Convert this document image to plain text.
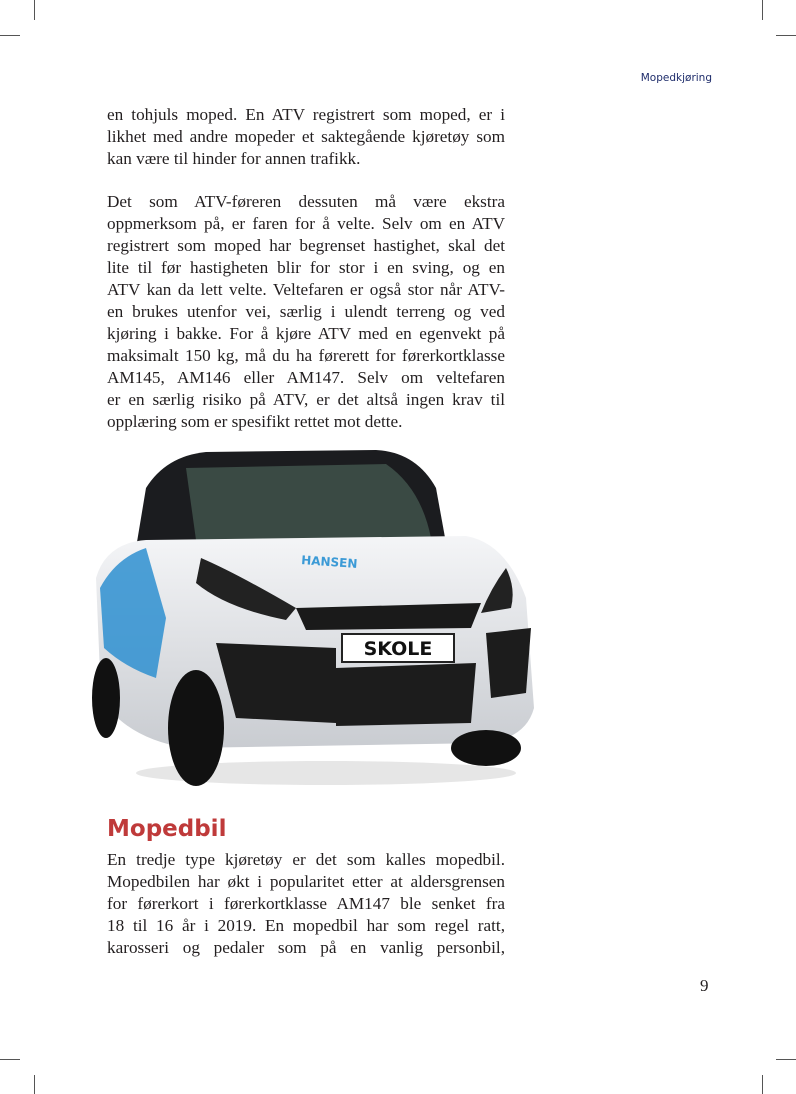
Mopedkjøring
en tohjuls moped. En ATV registrert som moped, er i
likhet med andre mopeder et saktegående kjøretøy som
kan være til hinder for annen trafikk.
Det som ATV-føreren dessuten må være ekstra
oppmerksom på, er faren for å velte. Selv om en ATV
registrert som moped har begrenset hastighet, skal det
lite til før hastigheten blir for stor i en sving, og en
ATV kan da lett velte. Veltefaren er også stor når ATV-
en brukes utenfor vei, særlig i ulendt terreng og ved
kjøring i bakke. For å kjøre ATV med en egenvekt på
maksimalt 150 kg, må du ha førerett for førerkortklasse
AM145, AM146 eller AM147. Selv om veltefaren
er en særlig risiko på ATV, er det altså ingen krav til
opplæring som er spesifikt rettet mot dette.
HANSEN
SKOLE
Mopedbil
En tredje type kjøretøy er det som kalles mopedbil.
Mopedbilen har økt i popularitet etter at aldersgrensen
for førerkort i førerkortklasse AM147 ble senket fra
18 til 16 år i 2019. En mopedbil har som regel ratt,
karosseri og pedaler som på en vanlig personbil,
9
